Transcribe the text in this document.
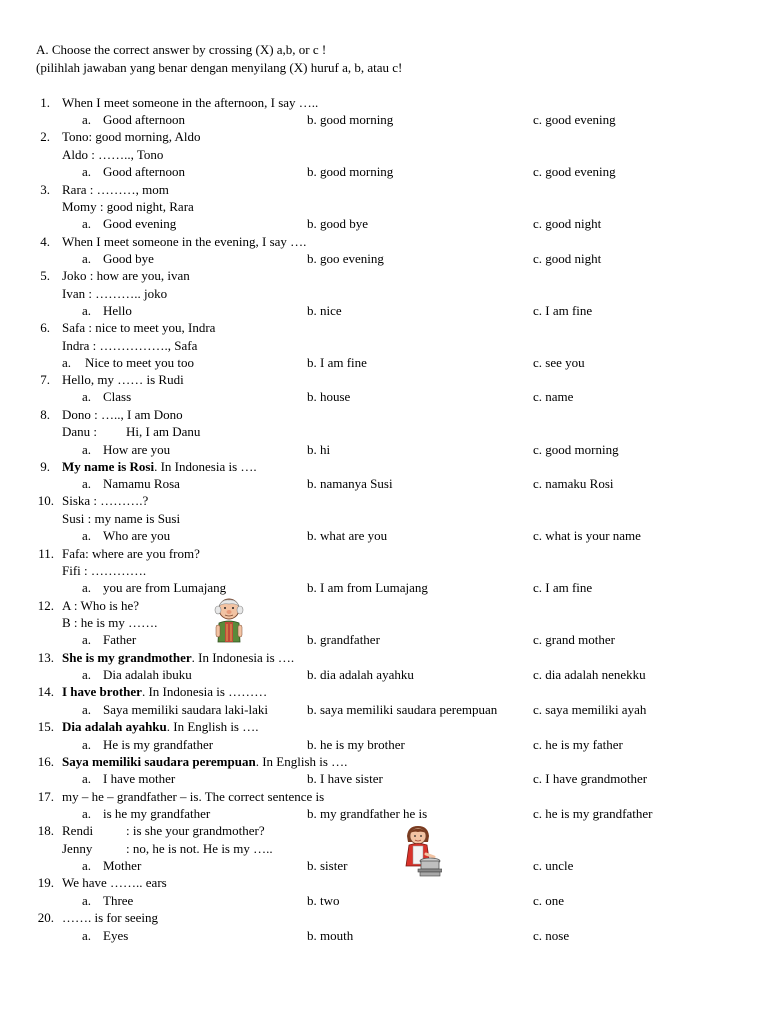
A. Choose the correct answer by crossing (X) a,b, or c !
(pilihlah jawaban yang benar dengan menyilang (X) huruf a, b, atau c!
1. When I meet someone in the afternoon, I say …..
a. Good afternoon	b. good morning	c. good evening
2. Tono: good morning, Aldo
Aldo : …….., Tono
a. Good afternoon	b. good morning	c. good evening
3. Rara : ………, mom
Momy : good night, Rara
a. Good evening	b. good bye	c. good night
4. When I meet someone in the evening, I say ….
a. Good bye	b. goo evening	c. good night
5. Joko : how are you, ivan
Ivan : ……….. joko
a. Hello	b. nice	c. I am fine
6. Safa : nice to meet you, Indra
Indra : ……………., Safa
a. Nice to meet you too	b. I am fine	c. see you
7. Hello, my …… is Rudi
a. Class	b. house	c. name
8. Dono : ….., I am Dono
Danu : Hi, I am Danu
a. How are you	b. hi	c. good morning
9. My name is Rosi. In Indonesia is ….
a. Namamu Rosa	b. namanya Susi	c. namaku Rosi
10. Siska : ……….?
Susi : my name is Susi
a. Who are you	b. what are you	c. what is your name
11. Fafa: where are you from?
Fifi : ………….
a. you are from Lumajang	b. I am from Lumajang	c. I am fine
12. A : Who is he?
B : he is my …….
a. Father	b. grandfather	c. grand mother
13. She is my grandmother. In Indonesia is ….
a. Dia adalah ibuku	b. dia adalah ayahku	c. dia adalah nenekku
14. I have brother. In Indonesia is ………
a. Saya memiliki saudara laki-laki	b. saya memiliki saudara perempuan	c. saya memiliki ayah
15. Dia adalah ayahku. In English is ….
a. He is my grandfather	b. he is my brother	c. he is my father
16. Saya memiliki saudara perempuan. In English is ….
a. I have mother	b. I have sister	c. I have grandmother
17. my – he – grandfather – is. The correct sentence is
a. is he my grandfather	b. my grandfather he is	c. he is my grandfather
18. Rendi	: is she your grandmother?
Jenny	: no, he is not. He is my …..
a. Mother	b. sister	c. uncle
19. We have …….. ears
a. Three	b. two	c. one
20. ……. is for seeing
a. Eyes	b. mouth	c. nose
